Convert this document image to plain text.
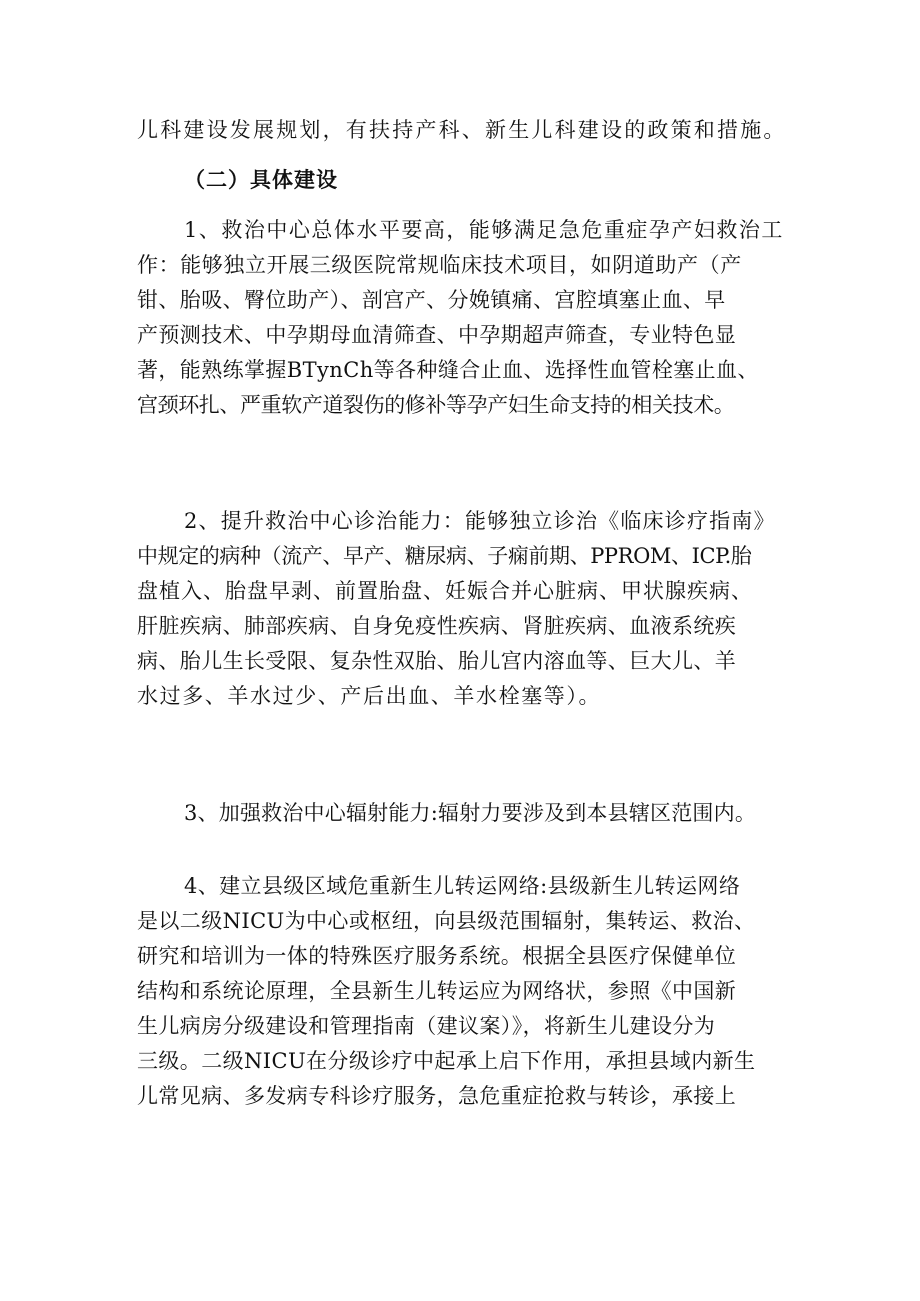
儿科建设发展规划，有扶持产科、新生儿科建设的政策和措施。
（二）具体建设
1、救治中心总体水平要高，能够满足急危重症孕产妇救治工
作：能够独立开展三级医院常规临床技术项目，如阴道助产（产
钳、胎吸、臀位助产）、剖宫产、分娩镇痛、宫腔填塞止血、早
产预测技术、中孕期母血清筛查、中孕期超声筛查，专业特色显
著，能熟练掌握BTynCh等各种缝合止血、选择性血管栓塞止血、
宫颈环扎、严重软产道裂伤的修补等孕产妇生命支持的相关技术。
2、提升救治中心诊治能力：能够独立诊治《临床诊疗指南》
中规定的病种（流产、早产、糖尿病、子痫前期、PPROM、ICP.胎
盘植入、胎盘早剥、前置胎盘、妊娠合并心脏病、甲状腺疾病、
肝脏疾病、肺部疾病、自身免疫性疾病、肾脏疾病、血液系统疾
病、胎儿生长受限、复杂性双胎、胎儿宫内溶血等、巨大儿、羊
水过多、羊水过少、产后出血、羊水栓塞等）。
3、加强救治中心辐射能力:辐射力要涉及到本县辖区范围内。
4、建立县级区域危重新生儿转运网络:县级新生儿转运网络
是以二级NICU为中心或枢纽，向县级范围辐射，集转运、救治、
研究和培训为一体的特殊医疗服务系统。根据全县医疗保健单位
结构和系统论原理，全县新生儿转运应为网络状，参照《中国新
生儿病房分级建设和管理指南（建议案）》，将新生儿建设分为
三级。二级NICU在分级诊疗中起承上启下作用，承担县域内新生
儿常见病、多发病专科诊疗服务，急危重症抢救与转诊，承接上
